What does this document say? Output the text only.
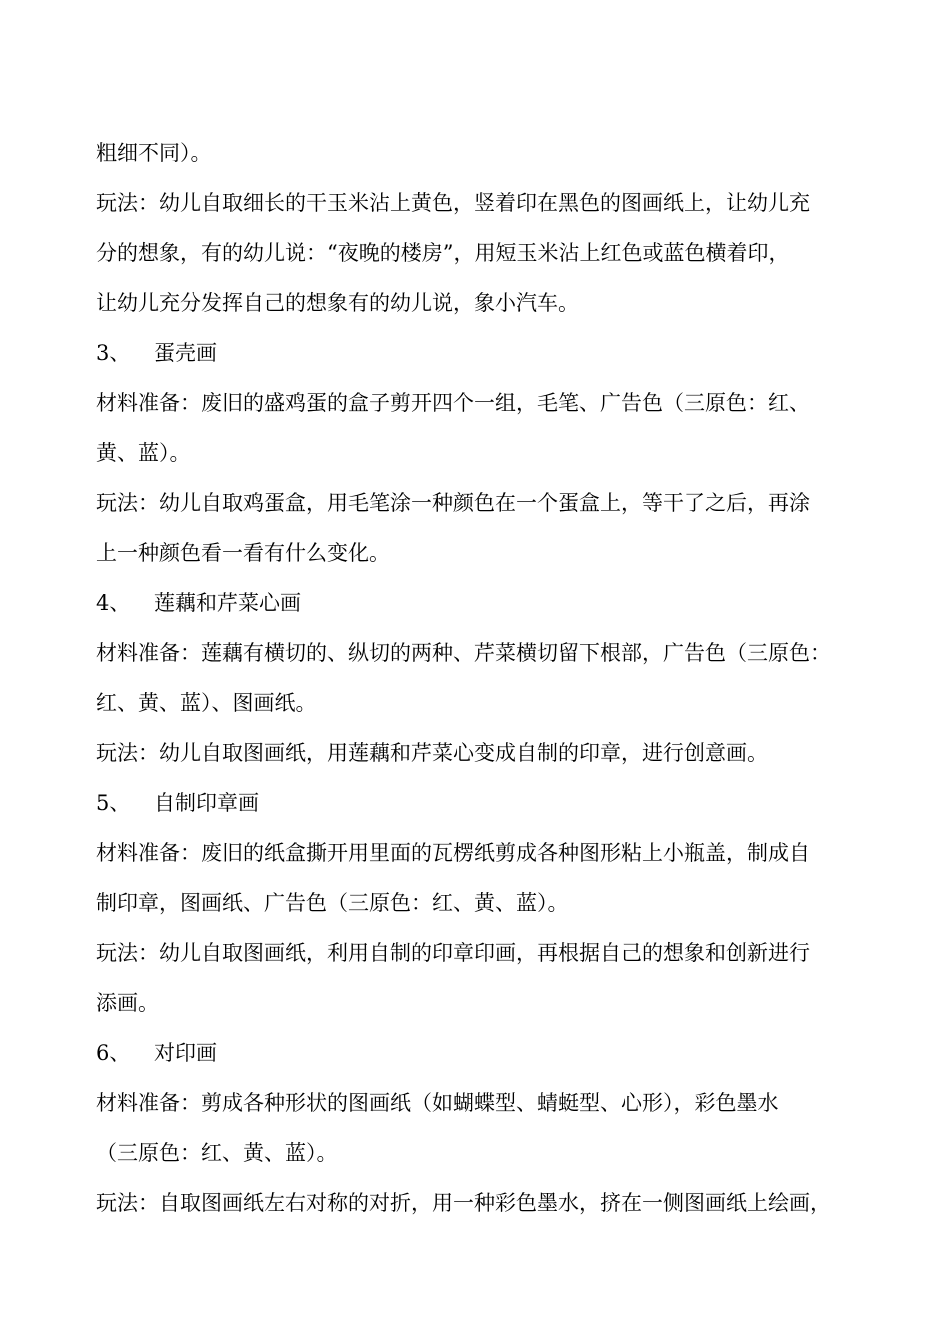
粗细不同）。
玩法：幼儿自取细长的干玉米沾上黄色，竖着印在黑色的图画纸上，让幼儿充
分的想象，有的幼儿说：“夜晚的楼房”，用短玉米沾上红色或蓝色横着印，
让幼儿充分发挥自己的想象有的幼儿说，象小汽车。
3、	蛋壳画
材料准备：废旧的盛鸡蛋的盒子剪开四个一组，毛笔、广告色（三原色：红、
黄、蓝）。
玩法：幼儿自取鸡蛋盒，用毛笔涂一种颜色在一个蛋盒上，等干了之后，再涂
上一种颜色看一看有什么变化。
4、	莲藕和芹菜心画
材料准备：莲藕有横切的、纵切的两种、芹菜横切留下根部，广告色（三原色：
红、黄、蓝）、图画纸。
玩法：幼儿自取图画纸，用莲藕和芹菜心变成自制的印章，进行创意画。
5、	自制印章画
材料准备：废旧的纸盒撕开用里面的瓦楞纸剪成各种图形粘上小瓶盖，制成自
制印章，图画纸、广告色（三原色：红、黄、蓝）。
玩法：幼儿自取图画纸，利用自制的印章印画，再根据自己的想象和创新进行
添画。
6、	对印画
材料准备：剪成各种形状的图画纸（如蝴蝶型、蜻蜓型、心形），彩色墨水
（三原色：红、黄、蓝）。
玩法：自取图画纸左右对称的对折，用一种彩色墨水，挤在一侧图画纸上绘画，
